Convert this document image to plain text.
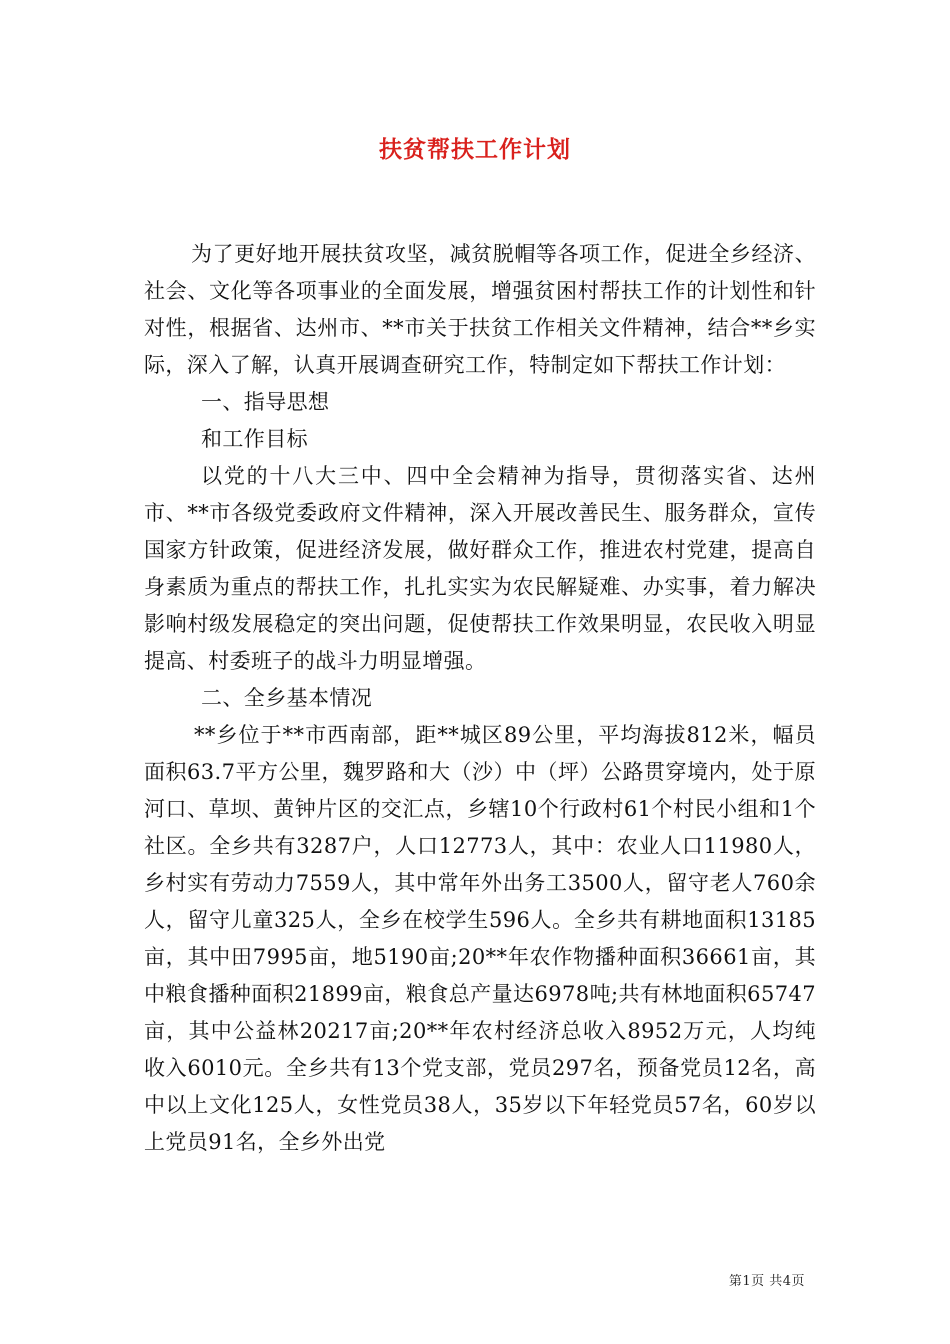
扶贫帮扶工作计划

为了更好地开展扶贫攻坚，减贫脱帽等各项工作，促进全乡经济、社会、文化等各项事业的全面发展，增强贫困村帮扶工作的计划性和针对性，根据省、达州市、**市关于扶贫工作相关文件精神，结合**乡实际，深入了解，认真开展调查研究工作，特制定如下帮扶工作计划：

一、指导思想

和工作目标

以党的十八大三中、四中全会精神为指导，贯彻落实省、达州市、**市各级党委政府文件精神，深入开展改善民生、服务群众，宣传国家方针政策，促进经济发展，做好群众工作，推进农村党建，提高自身素质为重点的帮扶工作，扎扎实实为农民解疑难、办实事，着力解决影响村级发展稳定的突出问题，促使帮扶工作效果明显，农民收入明显提高、村委班子的战斗力明显增强。

二、全乡基本情况

**乡位于**市西南部，距**城区89公里，平均海拔812米，幅员面积63.7平方公里，魏罗路和大（沙）中（坪）公路贯穿境内，处于原河口、草坝、黄钟片区的交汇点，乡辖10个行政村61个村民小组和1个社区。全乡共有3287户，人口12773人，其中：农业人口11980人，乡村实有劳动力7559人，其中常年外出务工3500人，留守老人760余人，留守儿童325人，全乡在校学生596人。全乡共有耕地面积13185亩，其中田7995亩，地5190亩;20**年农作物播种面积36661亩，其中粮食播种面积21899亩，粮食总产量达6978吨;共有林地面积65747亩，其中公益林20217亩;20**年农村经济总收入8952万元，人均纯收入6010元。全乡共有13个党支部，党员297名，预备党员12名，高中以上文化125人，女性党员38人，35岁以下年轻党员57名，60岁以上党员91名，全乡外出党

第1页 共4页
